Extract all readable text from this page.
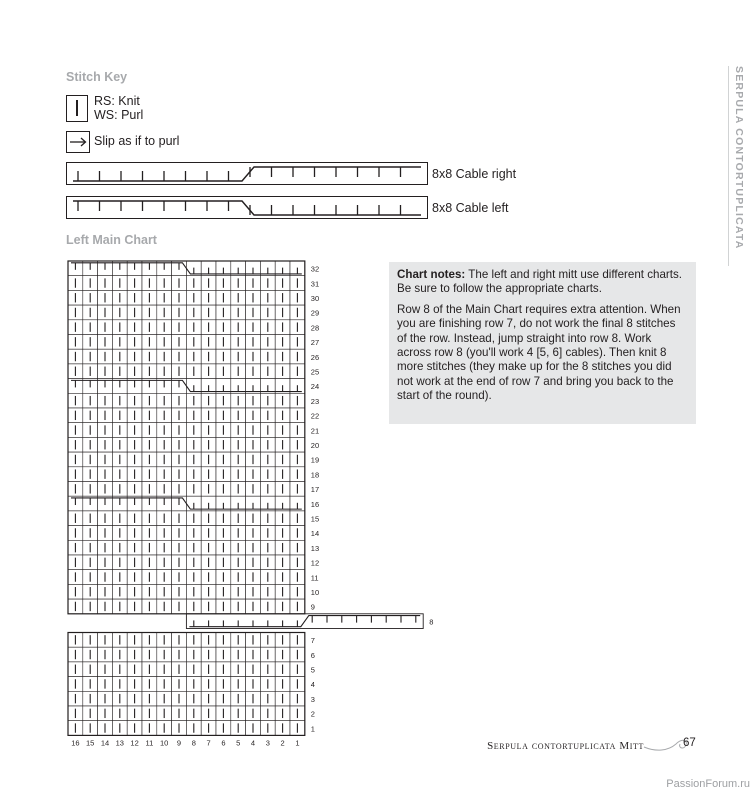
Stitch Key
RS: Knit
WS: Purl
Slip as if to purl
8x8 Cable right
8x8 Cable left
Left Main Chart
32
31
30
29
28
27
26
25
24
23
22
21
20
19
18
17
16
15
14
13
12
11
10
9
8
7
6
5
4
3
2
1
16 15 14 13 12 11 10 9 8 7 6 5 4 3 2 1

Chart notes: The left and right mitt use different charts. Be sure to follow the appropriate charts.

Row 8 of the Main Chart requires extra attention. When you are finishing row 7, do not work the final 8 stitches of the row. Instead, jump straight into row 8. Work across row 8 (you'll work 4 [5, 6] cables). Then knit 8 more stitches (they make up for the 8 stitches you did not work at the end of row 7 and bring you back to the start of the round).

SERPULA CONTORTUPLICATA
Serpula contortuplicata Mitt	67
PassionForum.ru
